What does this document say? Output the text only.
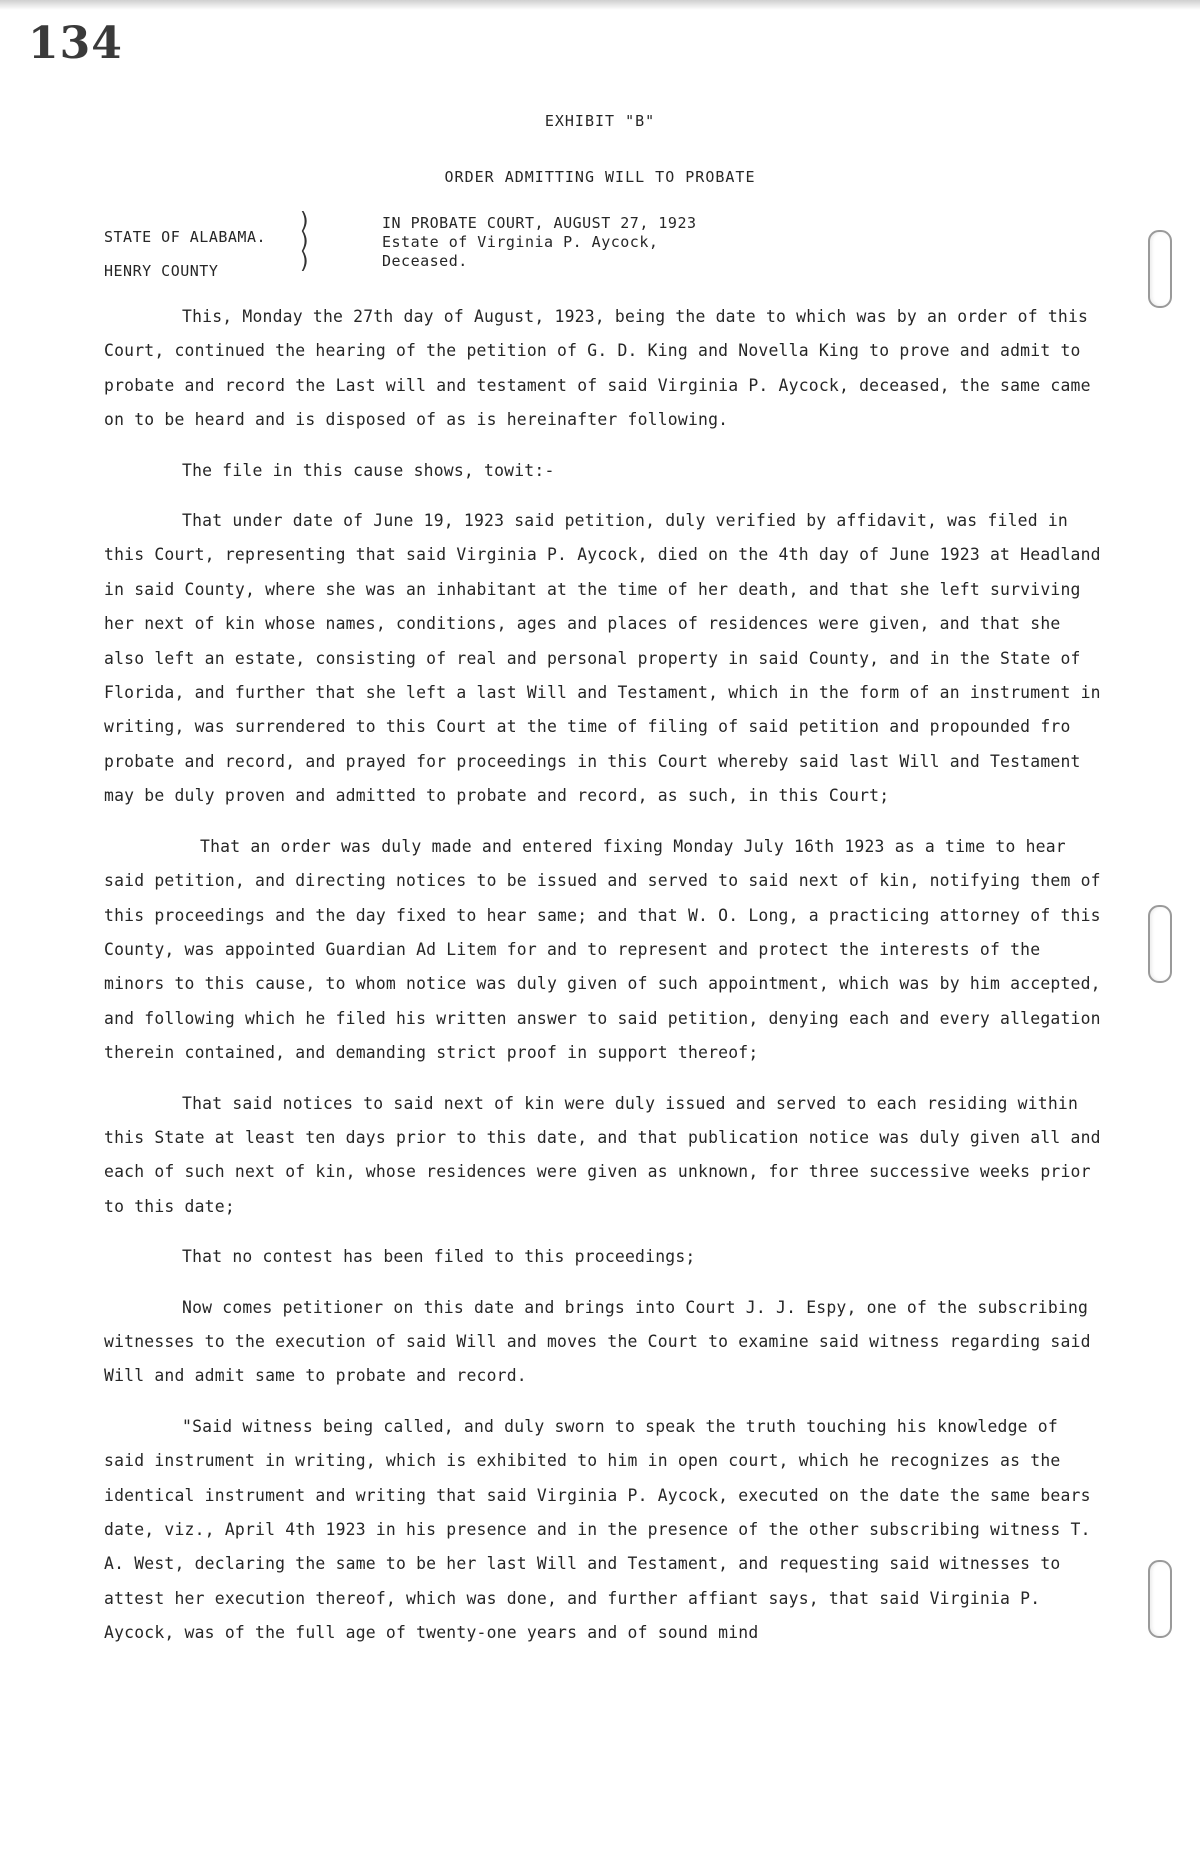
134
EXHIBIT "B"
ORDER ADMITTING WILL TO PROBATE
STATE OF ALABAMA.
HENRY COUNTY
)
)
)
IN PROBATE COURT, AUGUST 27, 1923
Estate of Virginia P. Aycock,
Deceased.

This, Monday the 27th day of August, 1923, being the date to which was by an order of this Court, continued the hearing of the petition of G. D. King and Novella King to prove and admit to probate and record the Last will and testament of said Virginia P. Aycock, deceased, the same came on to be heard and is disposed of as is hereinafter following.

The file in this cause shows, towit:-

That under date of June 19, 1923 said petition, duly verified by affidavit, was filed in this Court, representing that said Virginia P. Aycock, died on the 4th day of June 1923 at Headland in said County, where she was an inhabitant at the time of her death, and that she left surviving her next of kin whose names, conditions, ages and places of residences were given, and that she also left an estate, consisting of real and personal property in said County, and in the State of Florida, and further that she left a last Will and Testament, which in the form of an instrument in writing, was surrendered to this Court at the time of filing of said petition and propounded fro probate and record, and prayed for proceedings in this Court whereby said last Will and Testament may be duly proven and admitted to probate and record, as such, in this Court;

That an order was duly made and entered fixing Monday July 16th 1923 as a time to hear said petition, and directing notices to be issued and served to said next of kin, notifying them of this proceedings and the day fixed to hear same; and that W. O. Long, a practicing attorney of this County, was appointed Guardian Ad Litem for and to represent and protect the interests of the minors to this cause, to whom notice was duly given of such appointment, which was by him accepted, and following which he filed his written answer to said petition, denying each and every allegation therein contained, and demanding strict proof in support thereof;

That said notices to said next of kin were duly issued and served to each residing within this State at least ten days prior to this date, and that publication notice was duly given all and each of such next of kin, whose residences were given as unknown, for three successive weeks prior to this date;

That no contest has been filed to this proceedings;

Now comes petitioner on this date and brings into Court J. J. Espy, one of the subscribing witnesses to the execution of said Will and moves the Court to examine said witness regarding said Will and admit same to probate and record.

"Said witness being called, and duly sworn to speak the truth touching his knowledge of said instrument in writing, which is exhibited to him in open court, which he recognizes as the identical instrument and writing that said Virginia P. Aycock, executed on the date the same bears date, viz., April 4th 1923 in his presence and in the presence of the other subscribing witness T. A. West, declaring the same to be her last Will and Testament, and requesting said witnesses to attest her execution thereof, which was done, and further affiant says, that said Virginia P. Aycock, was of the full age of twenty-one years and of sound mind
